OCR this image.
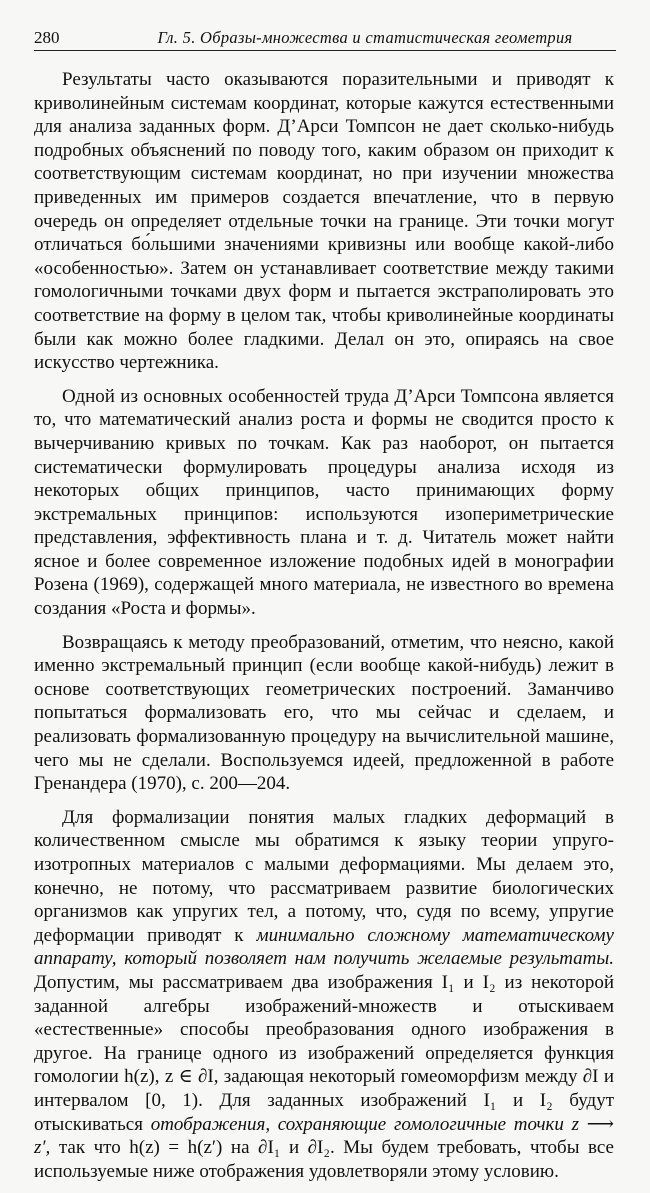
280	Гл. 5. Образы-множества и статистическая геометрия

Результаты часто оказываются поразительными и приводят к криволинейным системам координат, которые кажутся естественными для анализа заданных форм. Д’Арси Томпсон не дает сколько-нибудь подробных объяснений по поводу того, каким образом он приходит к соответствующим системам координат, но при изучении множества приведенных им примеров создается впечатление, что в первую очередь он определяет отдельные точки на границе. Эти точки могут отличаться бо́льшими значениями кривизны или вообще какой-либо «особенностью». Затем он устанавливает соответствие между такими гомологичными точками двух форм и пытается экстраполировать это соответствие на форму в целом так, чтобы криволинейные координаты были как можно более гладкими. Делал он это, опираясь на свое искусство чертежника.

Одной из основных особенностей труда Д’Арси Томпсона является то, что математический анализ роста и формы не сводится просто к вычерчиванию кривых по точкам. Как раз наоборот, он пытается систематически формулировать процедуры анализа исходя из некоторых общих принципов, часто принимающих форму экстремальных принципов: используются изопериметрические представления, эффективность плана и т. д. Читатель может найти ясное и более современное изложение подобных идей в монографии Розена (1969), содержащей много материала, не известного во времена создания «Роста и формы».

Возвращаясь к методу преобразований, отметим, что неясно, какой именно экстремальный принцип (если вообще какой-нибудь) лежит в основе соответствующих геометрических построений. Заманчиво попытаться формализовать его, что мы сейчас и сделаем, и реализовать формализованную процедуру на вычислительной машине, чего мы не сделали. Воспользуемся идеей, предложенной в работе Гренандера (1970), с. 200—204.

Для формализации понятия малых гладких деформаций в количественном смысле мы обратимся к языку теории упруго-изотропных материалов с малыми деформациями. Мы делаем это, конечно, не потому, что рассматриваем развитие биологических организмов как упругих тел, а потому, что, судя по всему, упругие деформации приводят к минимально сложному математическому аппарату, который позволяет нам получить желаемые результаты. Допустим, мы рассматриваем два изображения I₁ и I₂ из некоторой заданной алгебры изображений-множеств и отыскиваем «естественные» способы преобразования одного изображения в другое. На границе одного из изображений определяется функция гомологии h(z), z ∈ ∂I, задающая некоторый гомеоморфизм между ∂I и интервалом [0, 1). Для заданных изображений I₁ и I₂ будут отыскиваться отображения, сохраняющие гомологичные точки z ⟶ z′, так что h(z) = h(z′) на ∂I₁ и ∂I₂. Мы будем требовать, чтобы все используемые ниже отображения удовлетворяли этому условию.
